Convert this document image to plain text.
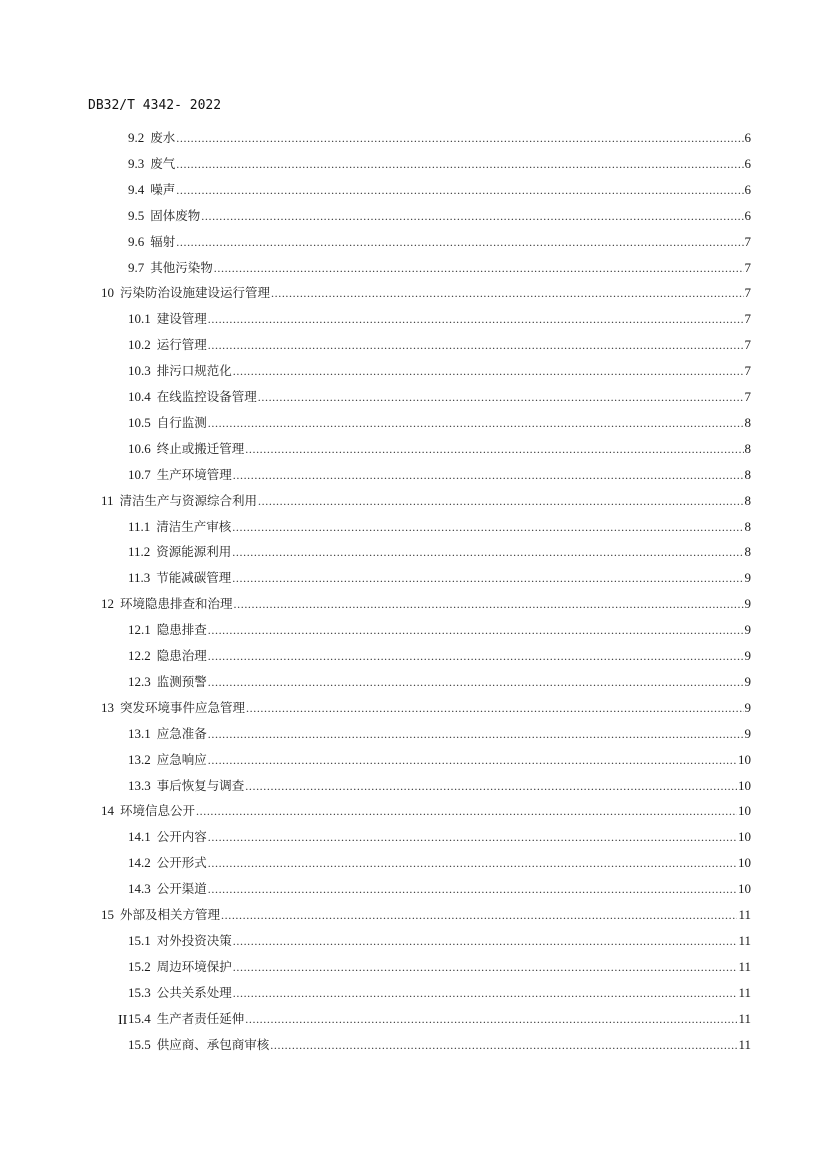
DB32/T 4342- 2022
9.2 废水 .....	6
9.3 废气 .....	6
9.4 噪声 .....	6
9.5 固体废物 .....	6
9.6 辐射 .....	7
9.7 其他污染物 .....	7
10 污染防治设施建设运行管理 .....	7
10.1 建设管理 .....	7
10.2 运行管理 .....	7
10.3 排污口规范化 .....	7
10.4 在线监控设备管理 .....	7
10.5 自行监测 .....	8
10.6 终止或搬迁管理 .....	8
10.7 生产环境管理 .....	8
11 清洁生产与资源综合利用 .....	8
11.1 清洁生产审核 .....	8
11.2 资源能源利用 .....	8
11.3 节能减碳管理 .....	9
12 环境隐患排查和治理 .....	9
12.1 隐患排查 .....	9
12.2 隐患治理 .....	9
12.3 监测预警 .....	9
13 突发环境事件应急管理 .....	9
13.1 应急准备 .....	9
13.2 应急响应 .....	10
13.3 事后恢复与调查 .....	10
14 环境信息公开 .....	10
14.1 公开内容 .....	10
14.2 公开形式 .....	10
14.3 公开渠道 .....	10
15 外部及相关方管理 .....	11
15.1 对外投资决策 .....	11
15.2 周边环境保护 .....	11
15.3 公共关系处理 .....	11
15.4 生产者责任延伸 .....	11
15.5 供应商、承包商审核 .....	11
II
